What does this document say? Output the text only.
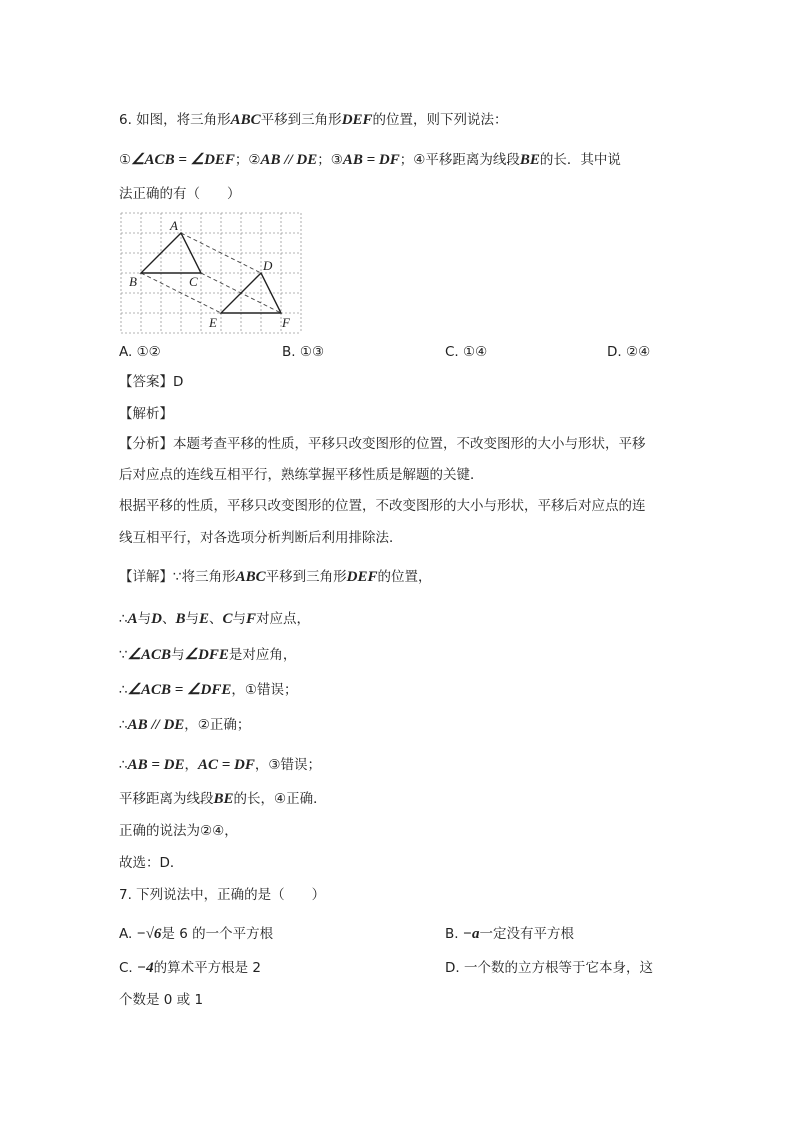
6. 如图，将三角形ABC平移到三角形DEF的位置，则下列说法：
①∠ACB = ∠DEF；②AB // DE；③AB = DF；④平移距离为线段BE的长．其中说
法正确的有（　　）
A
B	C
D
E	F
A. ①②	B. ①③	C. ①④	D. ②④
【答案】D
【解析】
【分析】本题考查平移的性质，平移只改变图形的位置，不改变图形的大小与形状，平移
后对应点的连线互相平行，熟练掌握平移性质是解题的关键．
根据平移的性质，平移只改变图形的位置，不改变图形的大小与形状，平移后对应点的连
线互相平行，对各选项分析判断后利用排除法．
【详解】∵将三角形ABC平移到三角形DEF的位置，
∴A与D、B与E、C与F对应点，
∵∠ACB与∠DFE是对应角，
∴∠ACB = ∠DFE，①错误；
∴AB // DE，②正确；
∴AB = DE，AC = DF，③错误；
平移距离为线段BE的长，④正确．
正确的说法为②④，
故选：D．
7. 下列说法中，正确的是（　　）
A. −√6是 6 的一个平方根	B. −a一定没有平方根
C. −4的算术平方根是 2	D. 一个数的立方根等于它本身，这
个数是 0 或 1
